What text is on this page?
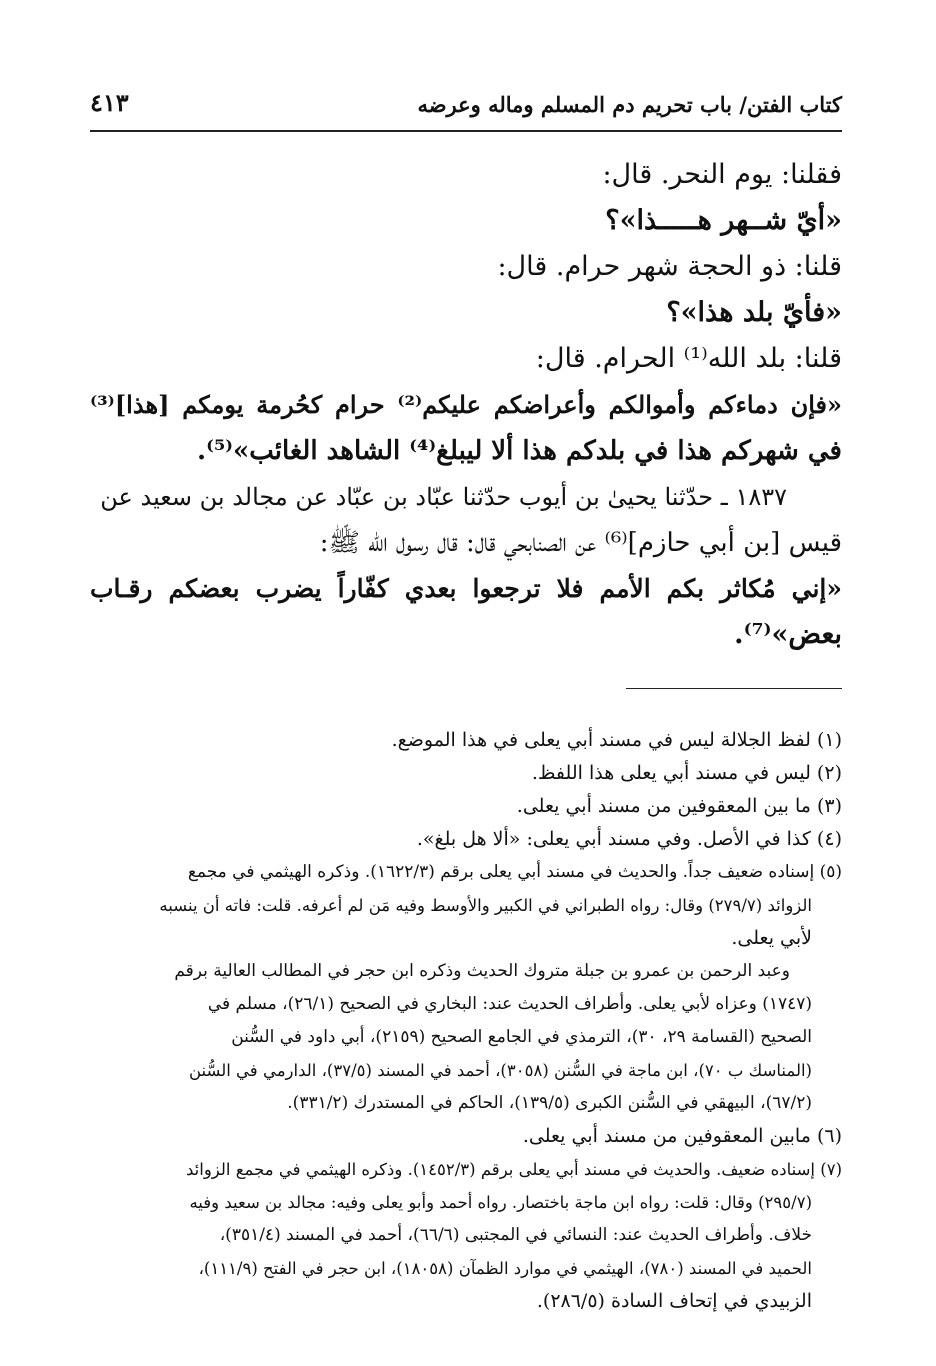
كتاب الفتن/ باب تحريم دم المسلم وماله وعرضه
٤١٣
فقلنا: يوم النحر. قال:
«أيّ شــهر هـــــذا»؟
قلنا: ذو الحجة شهر حرام. قال:
«فأيّ بلد هذا»؟
قلنا: بلد الله⁽¹⁾ الحرام. قال:
«فإن دماءكم وأموالكم وأعراضكم عليكم⁽²⁾ حرام كحُرمة يومكم [هذا]⁽³⁾
في شهركم هذا في بلدكم هذا ألا ليبلغ⁽⁴⁾ الشاهد الغائب»⁽⁵⁾.
١٨٣٧ ـ حدّثنا يحيىٰ بن أيوب حدّثنا عبّاد بن عبّاد عن مجالد بن سعيد عن
قيس [بن أبي حازم]⁽⁶⁾ عن الصنابحي قال: قال رسول الله ﷺ:
«إني مُكاثر بكم الأمم فلا ترجعوا بعدي كفّاراً يضرب بعضكم رقـاب
بعض»⁽⁷⁾.
(١) لفظ الجلالة ليس في مسند أبي يعلى في هذا الموضع.
(٢) ليس في مسند أبي يعلى هذا اللفظ.
(٣) ما بين المعقوفين من مسند أبي يعلى.
(٤) كذا في الأصل. وفي مسند أبي يعلى: «ألا هل بلغ».
(٥) إسناده ضعيف جداً. والحديث في مسند أبي يعلى برقم (١٦٢٢/٣). وذكره الهيثمي في مجمع
الزوائد (٢٧٩/٧) وقال: رواه الطبراني في الكبير والأوسط وفيه مَن لم أعرفه. قلت: فاته أن ينسبه
لأبي يعلى.
وعبد الرحمن بن عمرو بن جبلة متروك الحديث وذكره ابن حجر في المطالب العالية برقم
(١٧٤٧) وعزاه لأبي يعلى. وأطراف الحديث عند: البخاري في الصحيح (٢٦/١)، مسلم في
الصحيح (القسامة ٢٩، ٣٠)، الترمذي في الجامع الصحيح (٢١٥٩)، أبي داود في السُّنن
(المناسك ب ٧٠)، ابن ماجة في السُّنن (٣٠٥٨)، أحمد في المسند (٣٧/٥)، الدارمي في السُّنن
(٦٧/٢)، البيهقي في السُّنن الكبرى (١٣٩/٥)، الحاكم في المستدرك (٣٣١/٢).
(٦) مابين المعقوفين من مسند أبي يعلى.
(٧) إسناده ضعيف. والحديث في مسند أبي يعلى برقم (١٤٥٢/٣). وذكره الهيثمي في مجمع الزوائد
(٢٩٥/٧) وقال: قلت: رواه ابن ماجة باختصار. رواه أحمد وأبو يعلى وفيه: مجالد بن سعيد وفيه
خلاف. وأطراف الحديث عند: النسائي في المجتبى (٦٦/٦)، أحمد في المسند (٣٥١/٤)،
الحميد في المسند (٧٨٠)، الهيثمي في موارد الظمآن (١٨٠٥٨)، ابن حجر في الفتح (١١١/٩)،
الزبيدي في إتحاف السادة (٢٨٦/٥).
